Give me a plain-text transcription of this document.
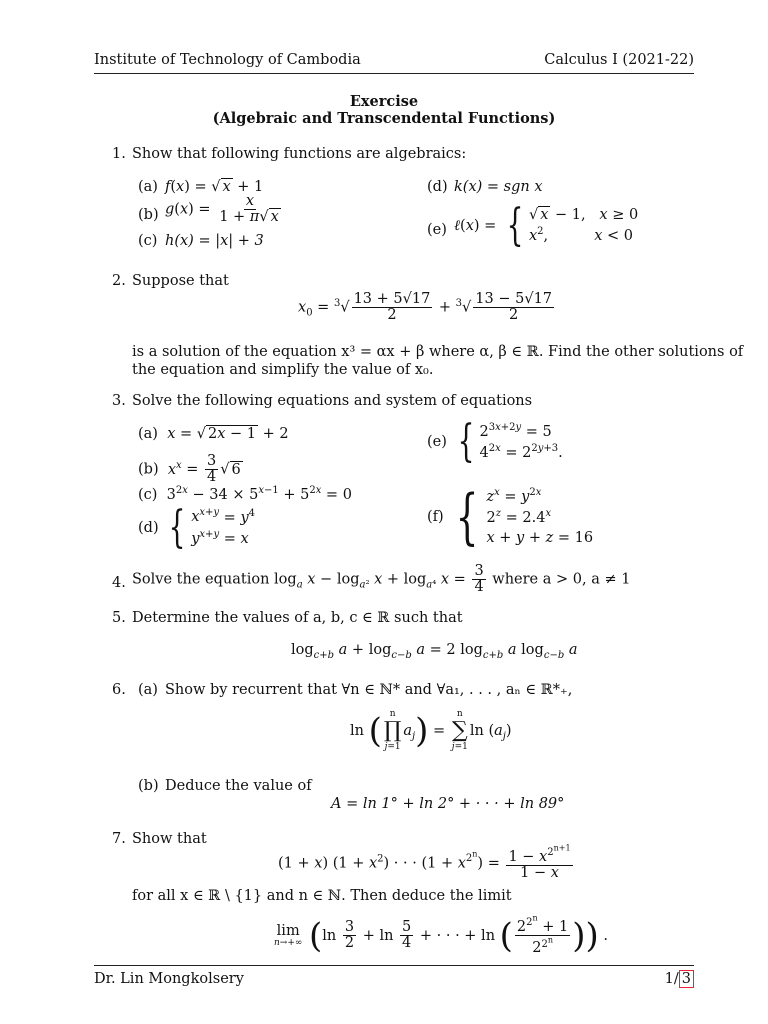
Institute of Technology of Cambodia	Calculus I (2021-22)
Exercise
(Algebraic and Transcendental Functions)
1. Show that following functions are algebraics:
(a) f(x) = √ x + 1
(b) $g(x) = \frac{x}{1 + \pi√ x}$
(c) h(x) = |x| + 3
(d) k(x) = sgn x
(e) ℓ(x) = { √ x − 1,   x ≥ 0
$x^2$,          x < 0
2. Suppose that
$x_0 = ^3√ \frac{13 + 5√17}{2} + ^3√ \frac{13 - 5√17}{2}$
is a solution of the equation x³ = αx + β where α, β ∈ ℝ. Find the other solutions of
the equation and simplify the value of x₀.
3. Solve the following equations and system of equations
(a)  x = √ 2x − 1 + 2
(b)  $x^x = \frac{3}{4}$ √ 6
(c)  $3^{2x} - 34 \times 5^{x-1} + 5^{2x} = 0$
(d) { $x^{x+y} = y^4$
$y^{x+y} = x$
(e) { $2^{3x+2y} = 5$
$4^{2x} = 2^{2y+3}$.
(f) { $z^x = y^{2x}$
$2^z = 2.4^x$
x + y + z = 16
4. Solve the equation $\log_a x - \log_{a^2} x + \log_{a^4} x = \frac{3}{4}$ where a > 0, a ≠ 1
5. Determine the values of a, b, c ∈ ℝ such that
$\log_{c+b} a + \log_{c-b} a = 2$ $\log_{c+b} a$ $\log_{c-b} a$
6. (a) Show by recurrent that ∀n ∈ ℕ* and ∀a₁, . . . , aₙ ∈ ℝ*₊,
ln ( n
∏
j=1
$a_j$) =
n
∑
j=1
$\ln (a_j)$
(b) Deduce the value of
A = ln 1° + ln 2° + · · · + ln 89°
7. Show that
(1 + x) $(1 + x^2)$ · · · $(1 + x^{2^n}) = \frac{1 - x^{2^{n+1}}}{1 - x}$
for all x ∈ ℝ \ {1} and n ∈ ℕ. Then deduce the limit
lim
n→+∞ ($\ln \frac{3}{2} + \ln \frac{5}{4}$ + · · · + ln ( $\frac{2^{2^n} + 1}{2^{2^n}}$ )) .
Dr. Lin Mongkolsery	1/ 3
